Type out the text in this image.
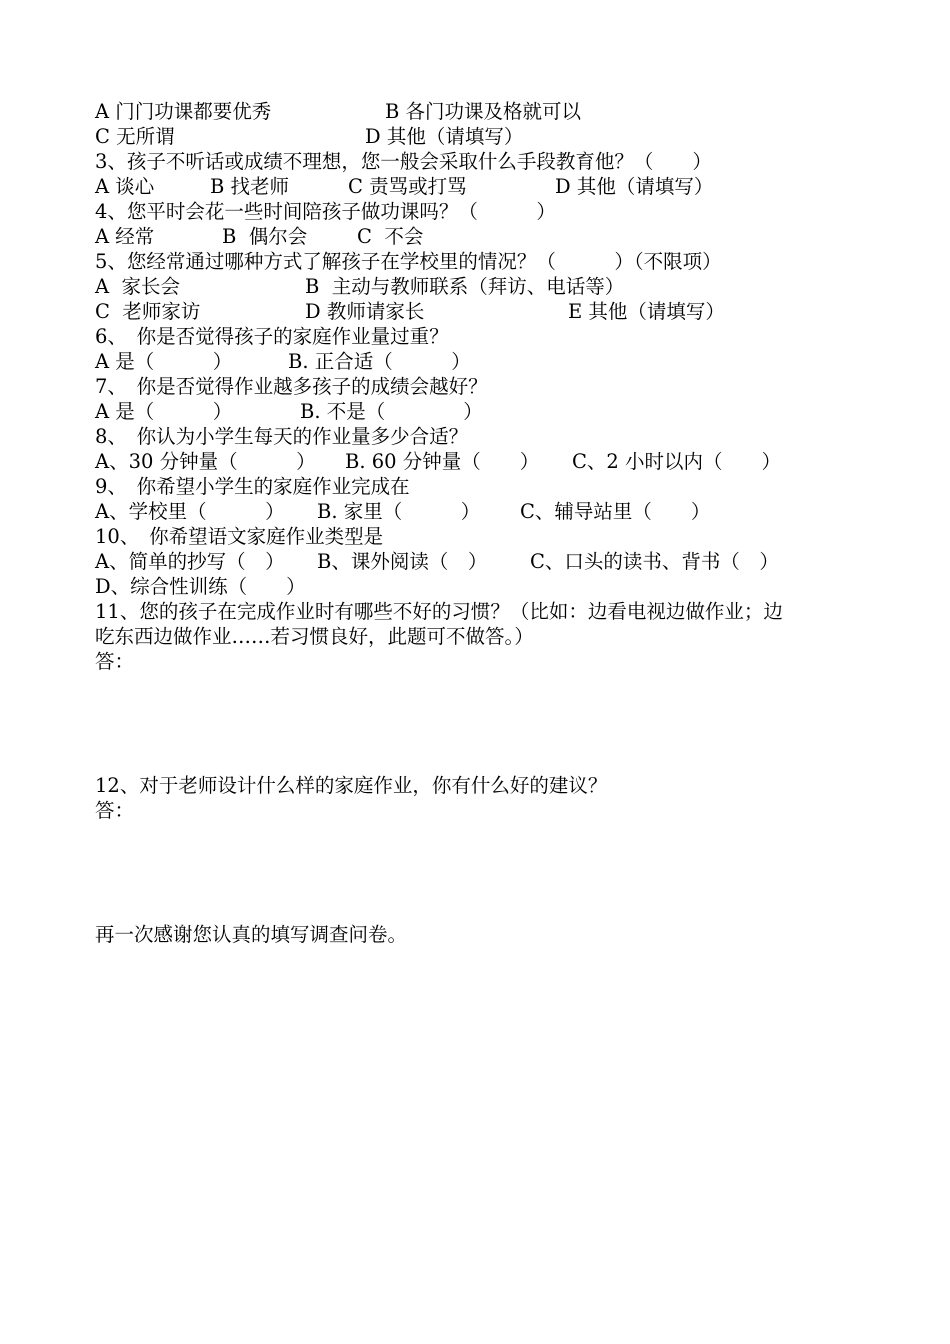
A 门门功课都要优秀

	B 各门功课及格就可以

C 无所谓

	D 其他（请填写）

3、孩子不听话或成绩不理想，您一般会采取什么手段教育他？（　　）

A 谈心

	B 找老师

	C 责骂或打骂

	D 其他（请填写）

4、您平时会花一些时间陪孩子做功课吗？（　　　）

A 经常

	B  偶尔会

	C  不会

5、您经常通过哪种方式了解孩子在学校里的情况？（　　　）（不限项）

A  家长会

	B  主动与教师联系（拜访、电话等）

C  老师家访

	D 教师请家长

	E 其他（请填写）

6、　你是否觉得孩子的家庭作业量过重？

A 是（　　　）

	B. 正合适（　　　）

7、　你是否觉得作业越多孩子的成绩会越好？

A 是（　　　）

	B. 不是（　　　　）

8、　你认为小学生每天的作业量多少合适？

A、30 分钟量（　　　）

B. 60 分钟量（　　）

C、2 小时以内（　　）

9、　你希望小学生的家庭作业完成在

A、学校里（　　　）

B. 家里（　　　）

C、辅导站里（　　）

10、　你希望语文家庭作业类型是

A、简单的抄写（　）

B、课外阅读（　）

C、口头的读书、背书（　）

D、综合性训练（　　）

11、您的孩子在完成作业时有哪些不好的习惯？（比如：边看电视边做作业；边

吃东西边做作业……若习惯良好，此题可不做答。）

答：

12、对于老师设计什么样的家庭作业，你有什么好的建议？

答：

再一次感谢您认真的填写调查问卷。
